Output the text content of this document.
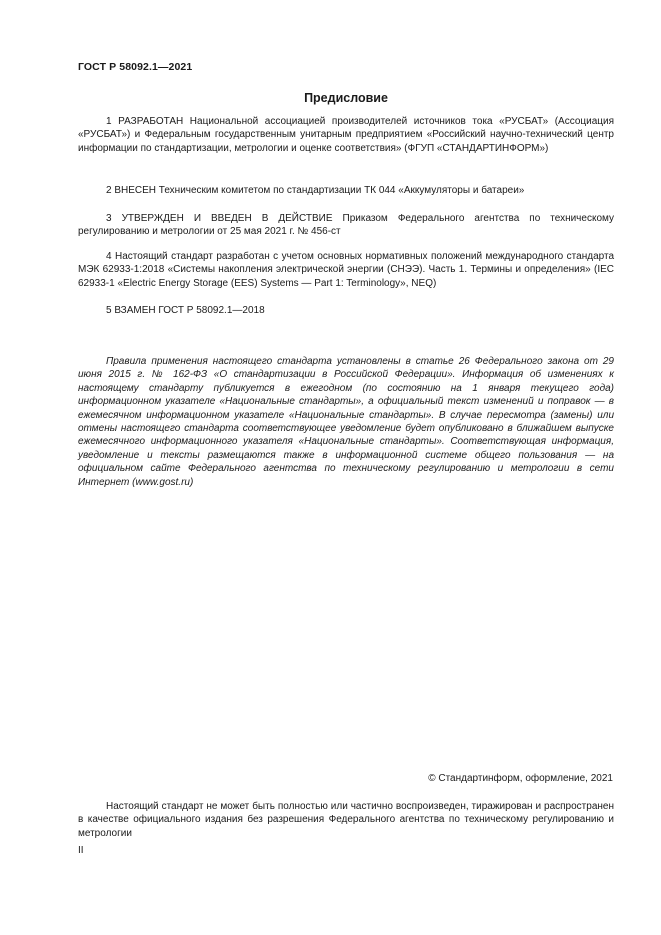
ГОСТ Р 58092.1—2021
Предисловие

1 РАЗРАБОТАН Национальной ассоциацией производителей источников тока «РУСБАТ» (Ассоциация «РУСБАТ») и Федеральным государственным унитарным предприятием «Российский научно-технический центр информации по стандартизации, метрологии и оценке соответствия» (ФГУП «СТАНДАРТИНФОРМ»)

2 ВНЕСЕН Техническим комитетом по стандартизации ТК 044 «Аккумуляторы и батареи»

3 УТВЕРЖДЕН И ВВЕДЕН В ДЕЙСТВИЕ Приказом Федерального агентства по техническому регулированию и метрологии от 25 мая 2021 г. № 456-ст

4 Настоящий стандарт разработан с учетом основных нормативных положений международного стандарта МЭК 62933-1:2018 «Системы накопления электрической энергии (СНЭЭ). Часть 1. Термины и определения» (IEC 62933-1 «Electric Energy Storage (EES) Systems — Part 1: Terminology», NEQ)

5 ВЗАМЕН ГОСТ Р 58092.1—2018

Правила применения настоящего стандарта установлены в статье 26 Федерального закона от 29 июня 2015 г. № 162-ФЗ «О стандартизации в Российской Федерации». Информация об изменениях к настоящему стандарту публикуется в ежегодном (по состоянию на 1 января текущего года) информационном указателе «Национальные стандарты», а официальный текст изменений и поправок — в ежемесячном информационном указателе «Национальные стандарты». В случае пересмотра (замены) или отмены настоящего стандарта соответствующее уведомление будет опубликовано в ближайшем выпуске ежемесячного информационного указателя «Национальные стандарты». Соответствующая информация, уведомление и тексты размещаются также в информационной системе общего пользования — на официальном сайте Федерального агентства по техническому регулированию и метрологии в сети Интернет (www.gost.ru)

© Стандартинформ, оформление, 2021

Настоящий стандарт не может быть полностью или частично воспроизведен, тиражирован и распространен в качестве официального издания без разрешения Федерального агентства по техническому регулированию и метрологии

II
